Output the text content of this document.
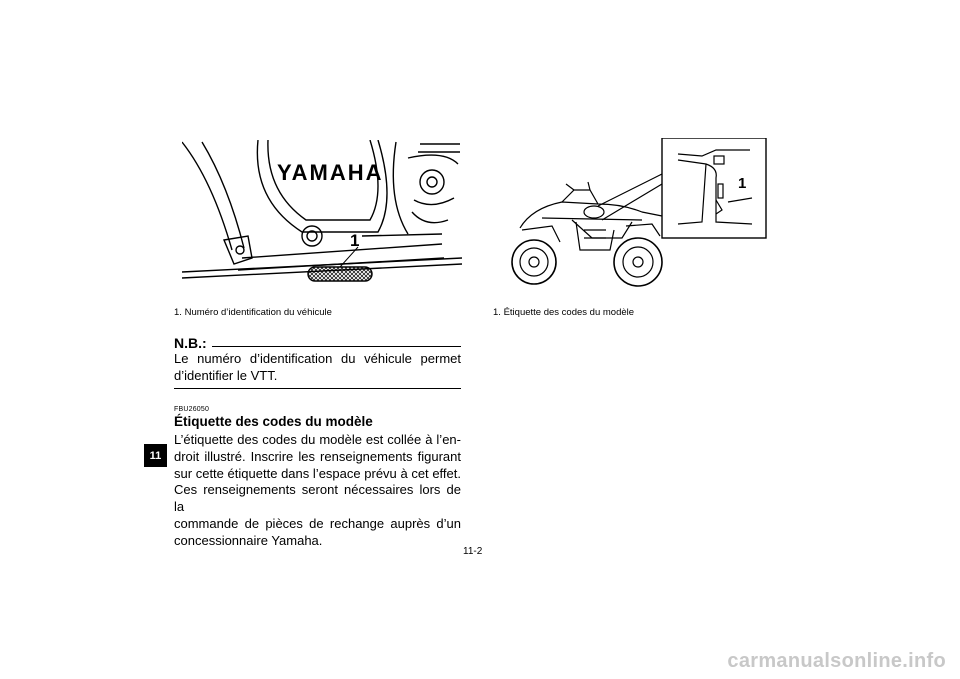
YAMAHA
1
1
1. Numéro d’identification du véhicule	1. Étiquette des codes du modèle
N.B.:
Le numéro d’identification du véhicule permet
d’identifier le VTT.
FBU26050
Étiquette des codes du modèle
L’étiquette des codes du modèle est collée à l’en-
droit illustré. Inscrire les renseignements figurant
sur cette étiquette dans l’espace prévu à cet effet.
Ces renseignements seront nécessaires lors de la
commande de pièces de rechange auprès d’un
concessionnaire Yamaha.
11
11-2
carmanualsonline.info
